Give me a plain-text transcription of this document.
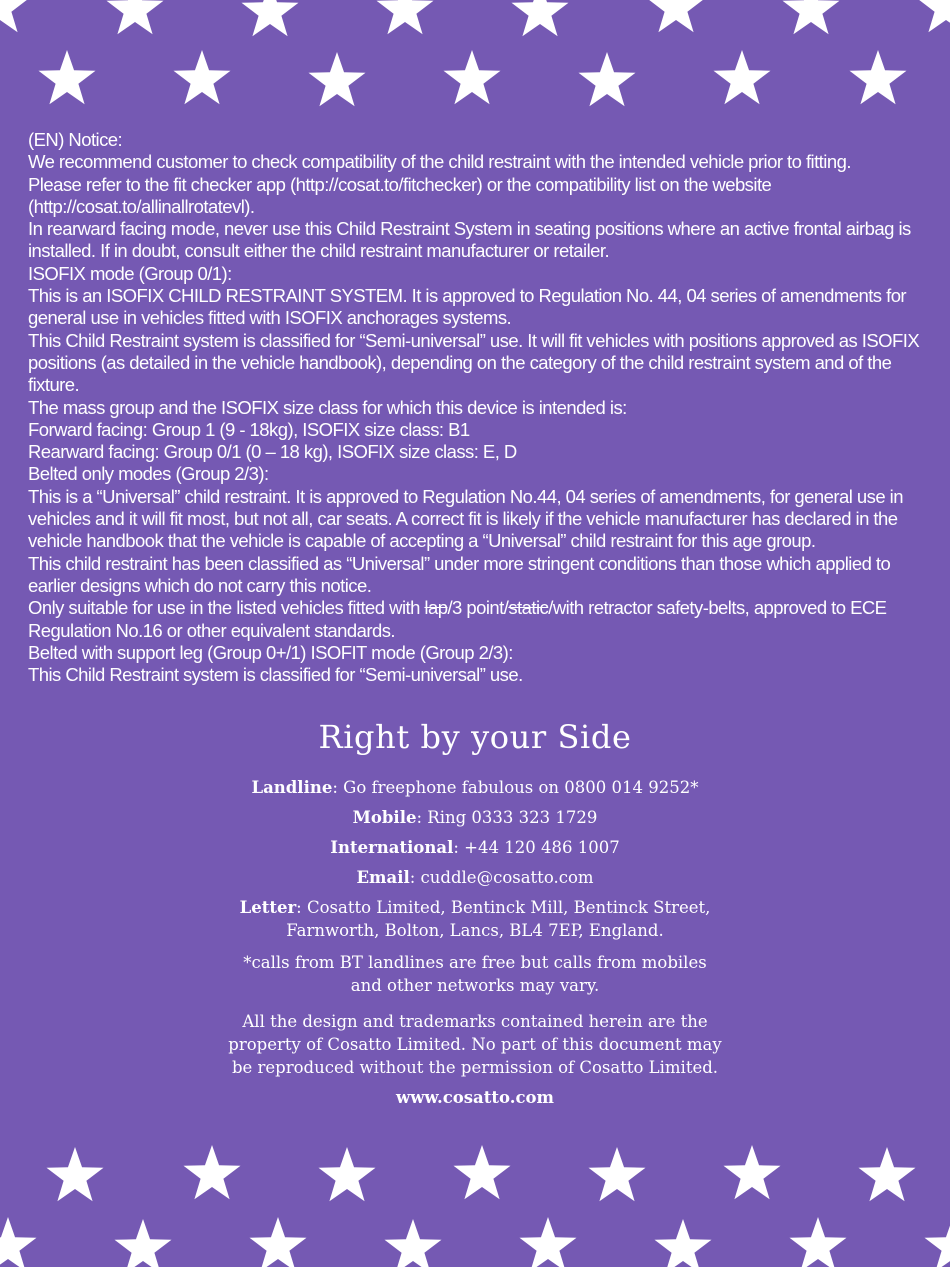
(EN) Notice:

We recommend customer to check compatibility of the child restraint with the intended vehicle prior to fitting.

Please refer to the fit checker app (http://cosat.to/fitchecker) or the compatibility list on the website (http://cosat.to/allinallrotatevl).

In rearward facing mode, never use this Child Restraint System in seating positions where an active frontal airbag is installed. If in doubt, consult either the child restraint manufacturer or retailer.

ISOFIX mode (Group 0/1):

This is an ISOFIX CHILD RESTRAINT SYSTEM. It is approved to Regulation No. 44, 04 series of amendments for general use in vehicles fitted with ISOFIX anchorages systems.

This Child Restraint system is classified for “Semi-universal” use. It will fit vehicles with positions approved as ISOFIX positions (as detailed in the vehicle handbook), depending on the category of the child restraint system and of the fixture.

The mass group and the ISOFIX size class for which this device is intended is:

Forward facing: Group 1 (9 - 18kg), ISOFIX size class: B1

Rearward facing: Group 0/1 (0 – 18 kg), ISOFIX size class: E, D

Belted only modes (Group 2/3):

This is a “Universal” child restraint. It is approved to Regulation No.44, 04 series of amendments, for general use in vehicles and it will fit most, but not all, car seats. A correct fit is likely if the vehicle manufacturer has declared in the vehicle handbook that the vehicle is capable of accepting a “Universal” child restraint for this age group.

This child restraint has been classified as “Universal” under more stringent conditions than those which applied to earlier designs which do not carry this notice.

Only suitable for use in the listed vehicles fitted with lap/3 point/static/with retractor safety-belts, approved to ECE Regulation No.16 or other equivalent standards.

Belted with support leg (Group 0+/1) ISOFIT mode (Group 2/3):

This Child Restraint system is classified for “Semi-universal” use.

Right by your Side

Landline: Go freephone fabulous on 0800 014 9252*

Mobile: Ring 0333 323 1729

International: +44 120 486 1007

Email: cuddle@cosatto.com

Letter: Cosatto Limited, Bentinck Mill, Bentinck Street,

Farnworth, Bolton, Lancs, BL4 7EP, England.

*calls from BT landlines are free but calls from mobiles

and other networks may vary.

All the design and trademarks contained herein are the

property of Cosatto Limited. No part of this document may

be reproduced without the permission of Cosatto Limited.

www.cosatto.com
